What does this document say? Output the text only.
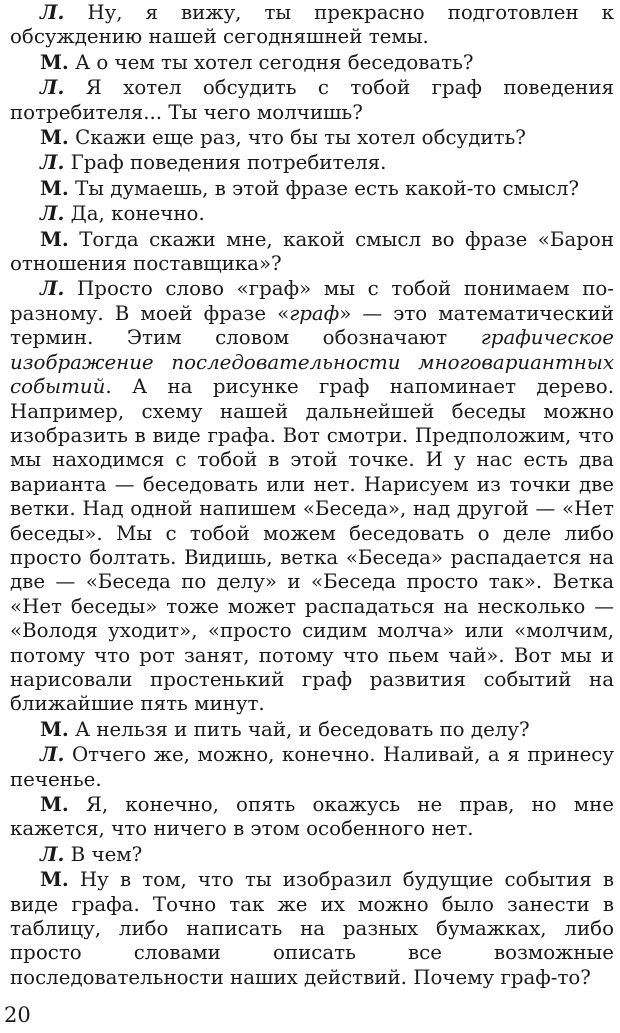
Л. Ну, я вижу, ты прекрасно подготовлен к обсуждению нашей сегодняшней темы.

М. А о чем ты хотел сегодня беседовать?

Л. Я хотел обсудить с тобой граф поведения потребителя... Ты чего молчишь?

М. Скажи еще раз, что бы ты хотел обсудить?

Л. Граф поведения потребителя.

М. Ты думаешь, в этой фразе есть какой-то смысл?

Л. Да, конечно.

М. Тогда скажи мне, какой смысл во фразе «Барон отношения поставщика»?

Л. Просто слово «граф» мы с тобой понимаем по-разному. В моей фразе «граф» — это математический термин. Этим словом обозначают графическое изображение последовательности многовариантных событий. А на рисунке граф напоминает дерево. Например, схему нашей дальнейшей беседы можно изобразить в виде графа. Вот смотри. Предположим, что мы находимся с тобой в этой точке. И у нас есть два варианта — беседовать или нет. Нарисуем из точки две ветки. Над одной напишем «Беседа», над другой — «Нет беседы». Мы с тобой можем беседовать о деле либо просто болтать. Видишь, ветка «Беседа» распадается на две — «Беседа по делу» и «Беседа просто так». Ветка «Нет беседы» тоже может распадаться на несколько — «Володя уходит», «просто сидим молча» или «молчим, потому что рот занят, потому что пьем чай». Вот мы и нарисовали простенький граф развития событий на ближайшие пять минут.

М. А нельзя и пить чай, и беседовать по делу?

Л. Отчего же, можно, конечно. Наливай, а я принесу печенье.

М. Я, конечно, опять окажусь не прав, но мне кажется, что ничего в этом особенного нет.

Л. В чем?

М. Ну в том, что ты изобразил будущие события в виде графа. Точно так же их можно было занести в таблицу, либо написать на разных бумажках, либо просто словами описать все возможные последовательности наших действий. Почему граф-то?

20
